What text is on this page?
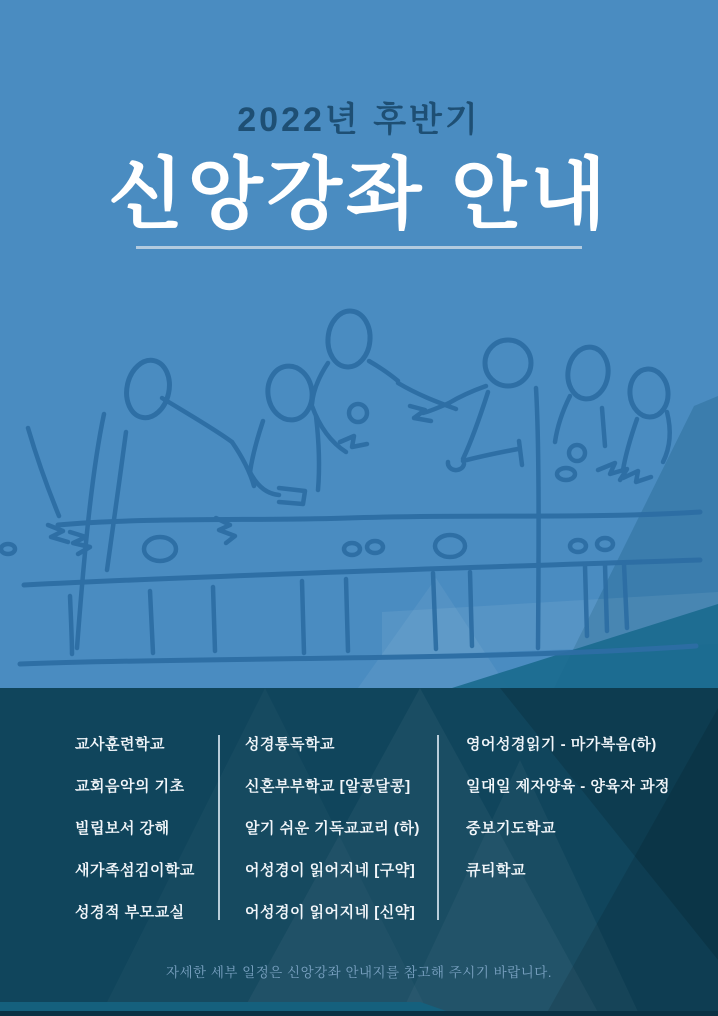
2022년 후반기
신앙강좌 안내
교사훈련학교
교회음악의 기초
빌립보서 강해
새가족섬김이학교
성경적 부모교실
성경통독학교
신혼부부학교 [알콩달콩]
알기 쉬운 기독교교리 (하)
어성경이 읽어지네 [구약]
어성경이 읽어지네 [신약]
영어성경읽기 - 마가복음(하)
일대일 제자양육 - 양육자 과정
중보기도학교
큐티학교
자세한 세부 일정은 신앙강좌 안내지를 참고해 주시기 바랍니다.
